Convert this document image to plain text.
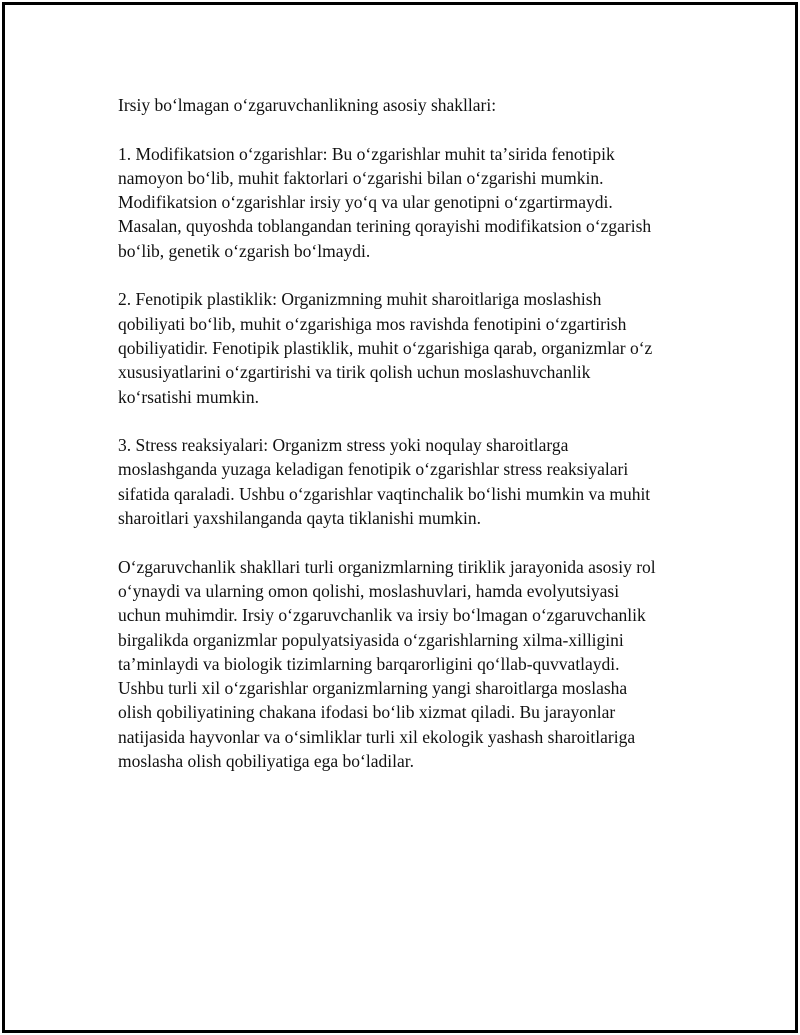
Irsiy boʻlmagan oʻzgaruvchanlikning asosiy shakllari:

1. Modifikatsion oʻzgarishlar: Bu oʻzgarishlar muhit taʼsirida fenotipik
namoyon boʻlib, muhit faktorlari oʻzgarishi bilan oʻzgarishi mumkin.
Modifikatsion oʻzgarishlar irsiy yoʻq va ular genotipni oʻzgartirmaydi.
Masalan, quyoshda toblangandan terining qorayishi modifikatsion oʻzgarish
boʻlib, genetik oʻzgarish boʻlmaydi.

2. Fenotipik plastiklik: Organizmning muhit sharoitlariga moslashish
qobiliyati boʻlib, muhit oʻzgarishiga mos ravishda fenotipini oʻzgartirish
qobiliyatidir. Fenotipik plastiklik, muhit oʻzgarishiga qarab, organizmlar oʻz
xususiyatlarini oʻzgartirishi va tirik qolish uchun moslashuvchanlik
koʻrsatishi mumkin.

3. Stress reaksiyalari: Organizm stress yoki noqulay sharoitlarga
moslashganda yuzaga keladigan fenotipik oʻzgarishlar stress reaksiyalari
sifatida qaraladi. Ushbu oʻzgarishlar vaqtinchalik boʻlishi mumkin va muhit
sharoitlari yaxshilanganda qayta tiklanishi mumkin.

Oʻzgaruvchanlik shakllari turli organizmlarning tiriklik jarayonida asosiy rol
oʻynaydi va ularning omon qolishi, moslashuvlari, hamda evolyutsiyasi
uchun muhimdir. Irsiy oʻzgaruvchanlik va irsiy boʻlmagan oʻzgaruvchanlik
birgalikda organizmlar populyatsiyasida oʻzgarishlarning xilma-xilligini
taʼminlaydi va biologik tizimlarning barqarorligini qoʻllab-quvvatlaydi.
Ushbu turli xil oʻzgarishlar organizmlarning yangi sharoitlarga moslasha
olish qobiliyatining chakana ifodasi boʻlib xizmat qiladi. Bu jarayonlar
natijasida hayvonlar va oʻsimliklar turli xil ekologik yashash sharoitlariga
moslasha olish qobiliyatiga ega boʻladilar.
